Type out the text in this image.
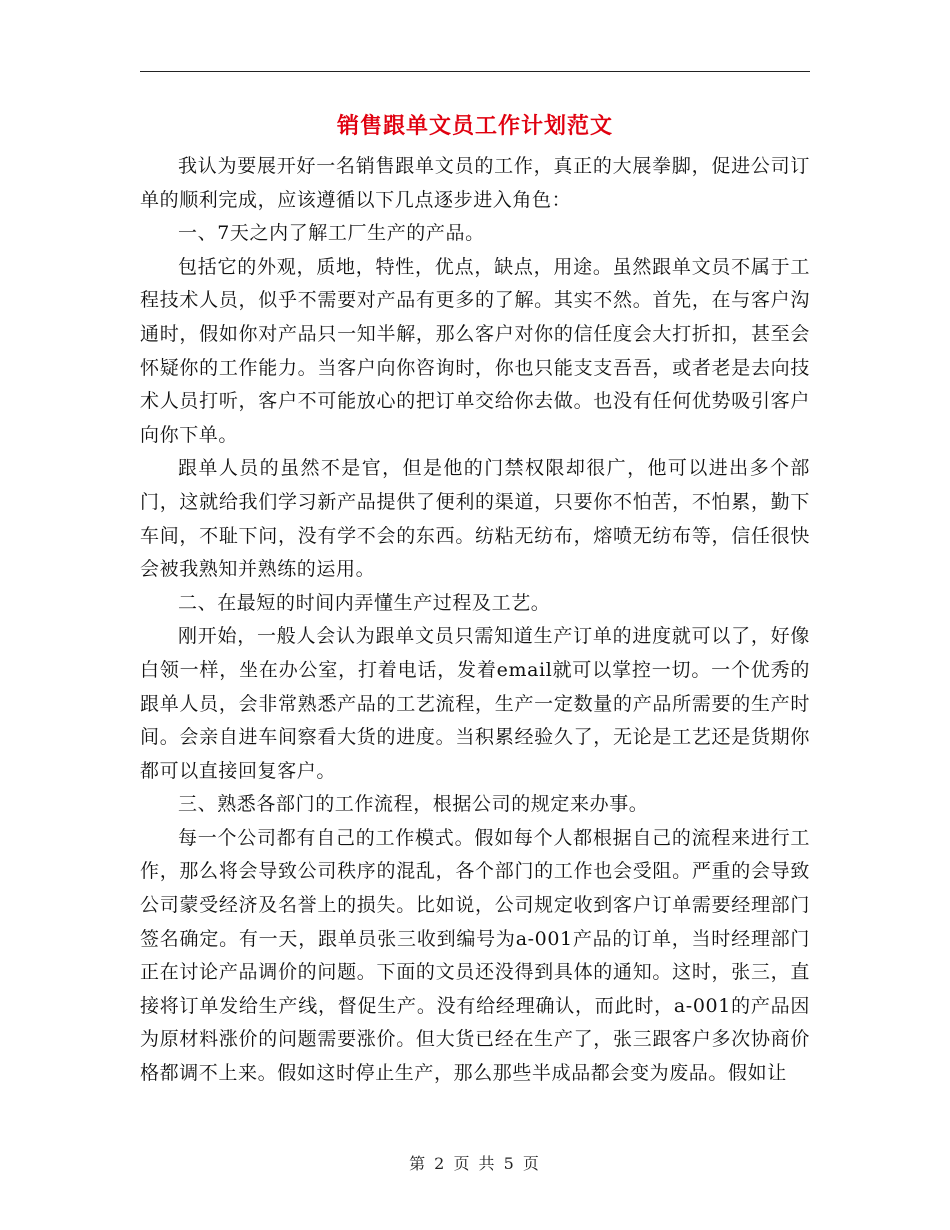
销售跟单文员工作计划范文

我认为要展开好一名销售跟单文员的工作，真正的大展拳脚，促进公司订单的顺利完成，应该遵循以下几点逐步进入角色：

一、7天之内了解工厂生产的产品。

包括它的外观，质地，特性，优点，缺点，用途。虽然跟单文员不属于工程技术人员，似乎不需要对产品有更多的了解。其实不然。首先，在与客户沟通时，假如你对产品只一知半解，那么客户对你的信任度会大打折扣，甚至会怀疑你的工作能力。当客户向你咨询时，你也只能支支吾吾，或者老是去向技术人员打听，客户不可能放心的把订单交给你去做。也没有任何优势吸引客户向你下单。

跟单人员的虽然不是官，但是他的门禁权限却很广，他可以进出多个部门，这就给我们学习新产品提供了便利的渠道，只要你不怕苦，不怕累，勤下车间，不耻下问，没有学不会的东西。纺粘无纺布，熔喷无纺布等，信任很快会被我熟知并熟练的运用。

二、在最短的时间内弄懂生产过程及工艺。

刚开始，一般人会认为跟单文员只需知道生产订单的进度就可以了，好像白领一样，坐在办公室，打着电话，发着email就可以掌控一切。一个优秀的跟单人员，会非常熟悉产品的工艺流程，生产一定数量的产品所需要的生产时间。会亲自进车间察看大货的进度。当积累经验久了，无论是工艺还是货期你都可以直接回复客户。

三、熟悉各部门的工作流程，根据公司的规定来办事。

每一个公司都有自己的工作模式。假如每个人都根据自己的流程来进行工作，那么将会导致公司秩序的混乱，各个部门的工作也会受阻。严重的会导致公司蒙受经济及名誉上的损失。比如说，公司规定收到客户订单需要经理部门签名确定。有一天，跟单员张三收到编号为a-001产品的订单，当时经理部门正在讨论产品调价的问题。下面的文员还没得到具体的通知。这时，张三，直接将订单发给生产线，督促生产。没有给经理确认，而此时，a-001的产品因为原材料涨价的问题需要涨价。但大货已经在生产了，张三跟客户多次协商价格都调不上来。假如这时停止生产，那么那些半成品都会变为废品。假如让

第 2 页 共 5 页
